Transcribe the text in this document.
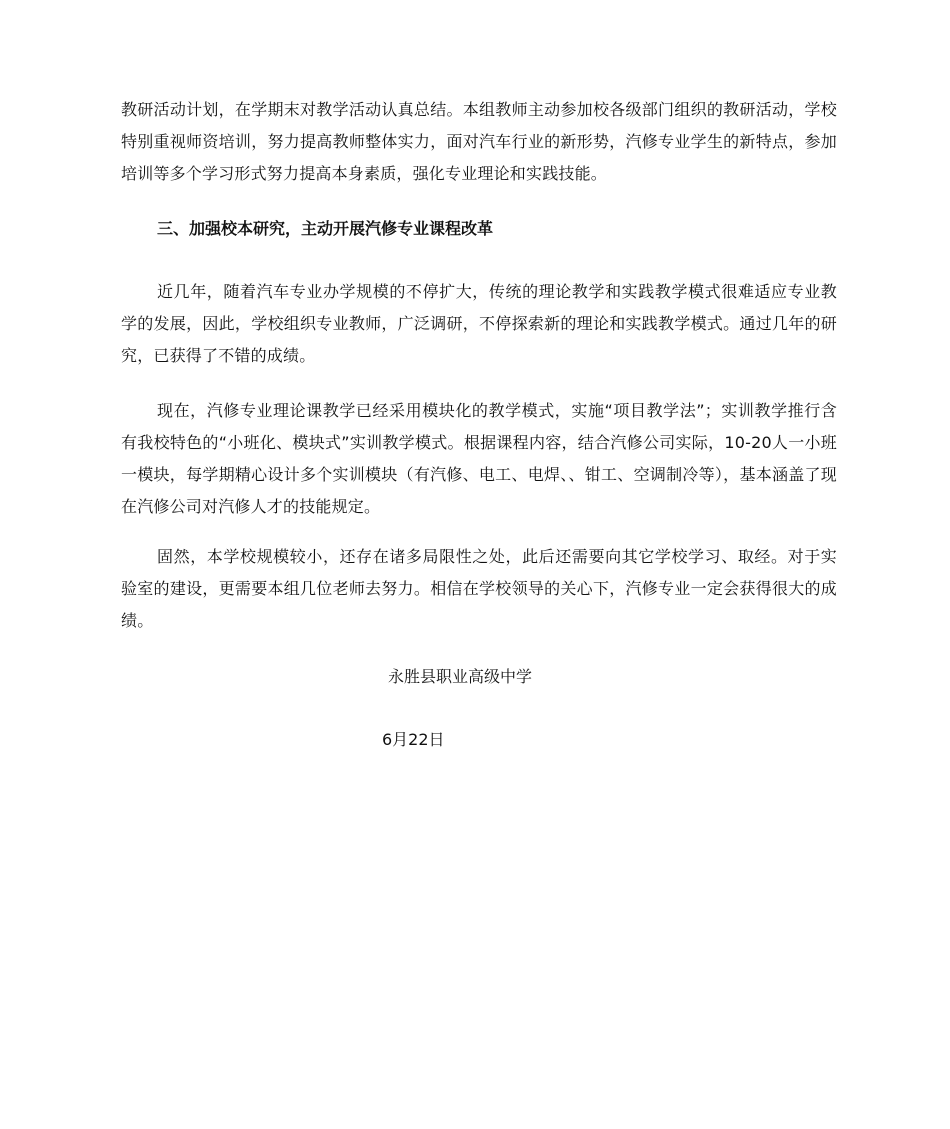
教研活动计划，在学期末对教学活动认真总结。本组教师主动参加校各级部门组织的教研活动，学校特别重视师资培训，努力提高教师整体实力，面对汽车行业的新形势，汽修专业学生的新特点，参加培训等多个学习形式努力提高本身素质，强化专业理论和实践技能。

三、加强校本研究，主动开展汽修专业课程改革

近几年，随着汽车专业办学规模的不停扩大，传统的理论教学和实践教学模式很难适应专业教学的发展，因此，学校组织专业教师，广泛调研，不停探索新的理论和实践教学模式。通过几年的研究，已获得了不错的成绩。

现在，汽修专业理论课教学已经采用模块化的教学模式，实施“项目教学法”；实训教学推行含有我校特色的“小班化、模块式”实训教学模式。根据课程内容，结合汽修公司实际，10-20人一小班一模块，每学期精心设计多个实训模块（有汽修、电工、电焊、、钳工、空调制冷等），基本涵盖了现在汽修公司对汽修人才的技能规定。

固然，本学校规模较小，还存在诸多局限性之处，此后还需要向其它学校学习、取经。对于实验室的建设，更需要本组几位老师去努力。相信在学校领导的关心下，汽修专业一定会获得很大的成绩。

永胜县职业高级中学

6月22日
